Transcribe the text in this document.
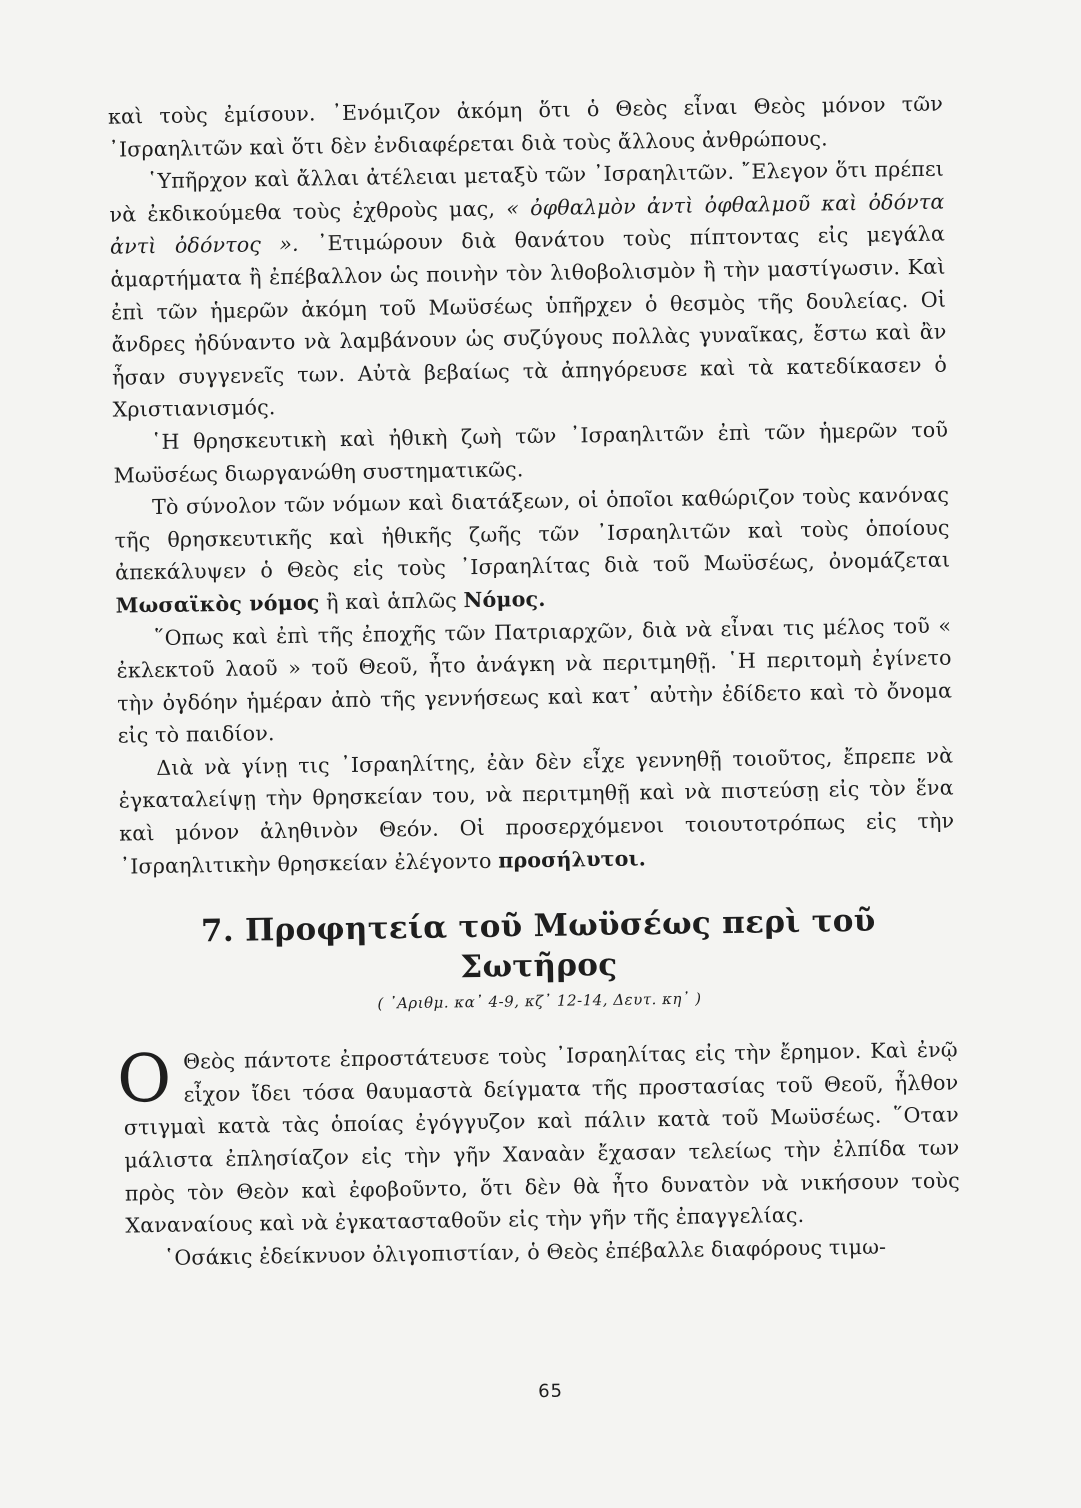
καὶ τοὺς ἐμίσουν. ᾿Ενόμιζον ἀκόμη ὅτι ὁ Θεὸς εἶναι Θεὸς μόνον τῶν ᾿Ισραηλιτῶν καὶ ὅτι δὲν ἐνδιαφέρεται διὰ τοὺς ἄλλους ἀνθρώπους.

῾Υπῆρχον καὶ ἄλλαι ἀτέλειαι μεταξὺ τῶν ᾿Ισραηλιτῶν. ῎Ελεγον ὅτι πρέπει νὰ ἐκδικούμεθα τοὺς ἐχθροὺς μας, « ὀφθαλμὸν ἀντὶ ὀφθαλμοῦ καὶ ὀδόντα ἀντὶ ὀδόντος ». ᾿Ετιμώρουν διὰ θανάτου τοὺς πίπτοντας εἰς μεγάλα ἁμαρτήματα ἢ ἐπέβαλλον ὡς ποινὴν τὸν λιθοβολισμὸν ἢ τὴν μαστίγωσιν. Καὶ ἐπὶ τῶν ἡμερῶν ἀκόμη τοῦ Μωϋσέως ὑπῆρχεν ὁ θεσμὸς τῆς δουλείας. Οἱ ἄνδρες ἠδύναντο νὰ λαμβάνουν ὡς συζύγους πολλὰς γυναῖκας, ἔστω καὶ ἂν ἦσαν συγγενεῖς των. Αὐτὰ βεβαίως τὰ ἀπηγόρευσε καὶ τὰ κατεδίκασεν ὁ Χριστιανισμός.

῾Η θρησκευτικὴ καὶ ἠθικὴ ζωὴ τῶν ᾿Ισραηλιτῶν ἐπὶ τῶν ἡμερῶν τοῦ Μωϋσέως διωργανώθη συστηματικῶς.

Τὸ σύνολον τῶν νόμων καὶ διατάξεων, οἱ ὁποῖοι καθώριζον τοὺς κανόνας τῆς θρησκευτικῆς καὶ ἠθικῆς ζωῆς τῶν ᾿Ισραηλιτῶν καὶ τοὺς ὁποίους ἀπεκάλυψεν ὁ Θεὸς εἰς τοὺς ᾿Ισραηλίτας διὰ τοῦ Μωϋσέως, ὀνομάζεται Μωσαϊκὸς νόμος ἢ καὶ ἁπλῶς Νόμος.

῞Οπως καὶ ἐπὶ τῆς ἐποχῆς τῶν Πατριαρχῶν, διὰ νὰ εἶναι τις μέλος τοῦ « ἐκλεκτοῦ λαοῦ » τοῦ Θεοῦ, ἦτο ἀνάγκη νὰ περιτμηθῇ. ῾Η περιτομὴ ἐγίνετο τὴν ὀγδόην ἡμέραν ἀπὸ τῆς γεννήσεως καὶ κατ᾿ αὐτὴν ἐδίδετο καὶ τὸ ὄνομα εἰς τὸ παιδίον.

Διὰ νὰ γίνῃ τις ᾿Ισραηλίτης, ἐὰν δὲν εἶχε γεννηθῇ τοιοῦτος, ἔπρεπε νὰ ἐγκαταλείψῃ τὴν θρησκείαν του, νὰ περιτμηθῇ καὶ νὰ πιστεύσῃ εἰς τὸν ἕνα καὶ μόνον ἀληθινὸν Θεόν. Οἱ προσερχόμενοι τοιουτοτρόπως εἰς τὴν ᾿Ισραηλιτικὴν θρησκείαν ἐλέγοντο προσήλυτοι.

7. Προφητεία τοῦ Μωϋσέως περὶ τοῦ Σωτῆρος
( ᾿Αριθμ. κα᾿ 4-9, κζ᾿ 12-14, Δευτ. κη᾿ )

Ο Θεὸς πάντοτε ἐπροστάτευσε τοὺς ᾿Ισραηλίτας εἰς τὴν ἔρημον. Καὶ ἐνῷ εἶχον ἴδει τόσα θαυμαστὰ δείγματα τῆς προστασίας τοῦ Θεοῦ, ἦλθον στιγμαὶ κατὰ τὰς ὁποίας ἐγόγγυζον καὶ πάλιν κατὰ τοῦ Μωϋσέως. ῞Οταν μάλιστα ἐπλησίαζον εἰς τὴν γῆν Χαναὰν ἔχασαν τελείως τὴν ἐλπίδα των πρὸς τὸν Θεὸν καὶ ἐφοβοῦντο, ὅτι δὲν θὰ ἦτο δυνατὸν νὰ νικήσουν τοὺς Χαναναίους καὶ νὰ ἐγκατασταθοῦν εἰς τὴν γῆν τῆς ἐπαγγελίας.

῾Οσάκις ἐδείκνυον ὀλιγοπιστίαν, ὁ Θεὸς ἐπέβαλλε διαφόρους τιμω-

65
